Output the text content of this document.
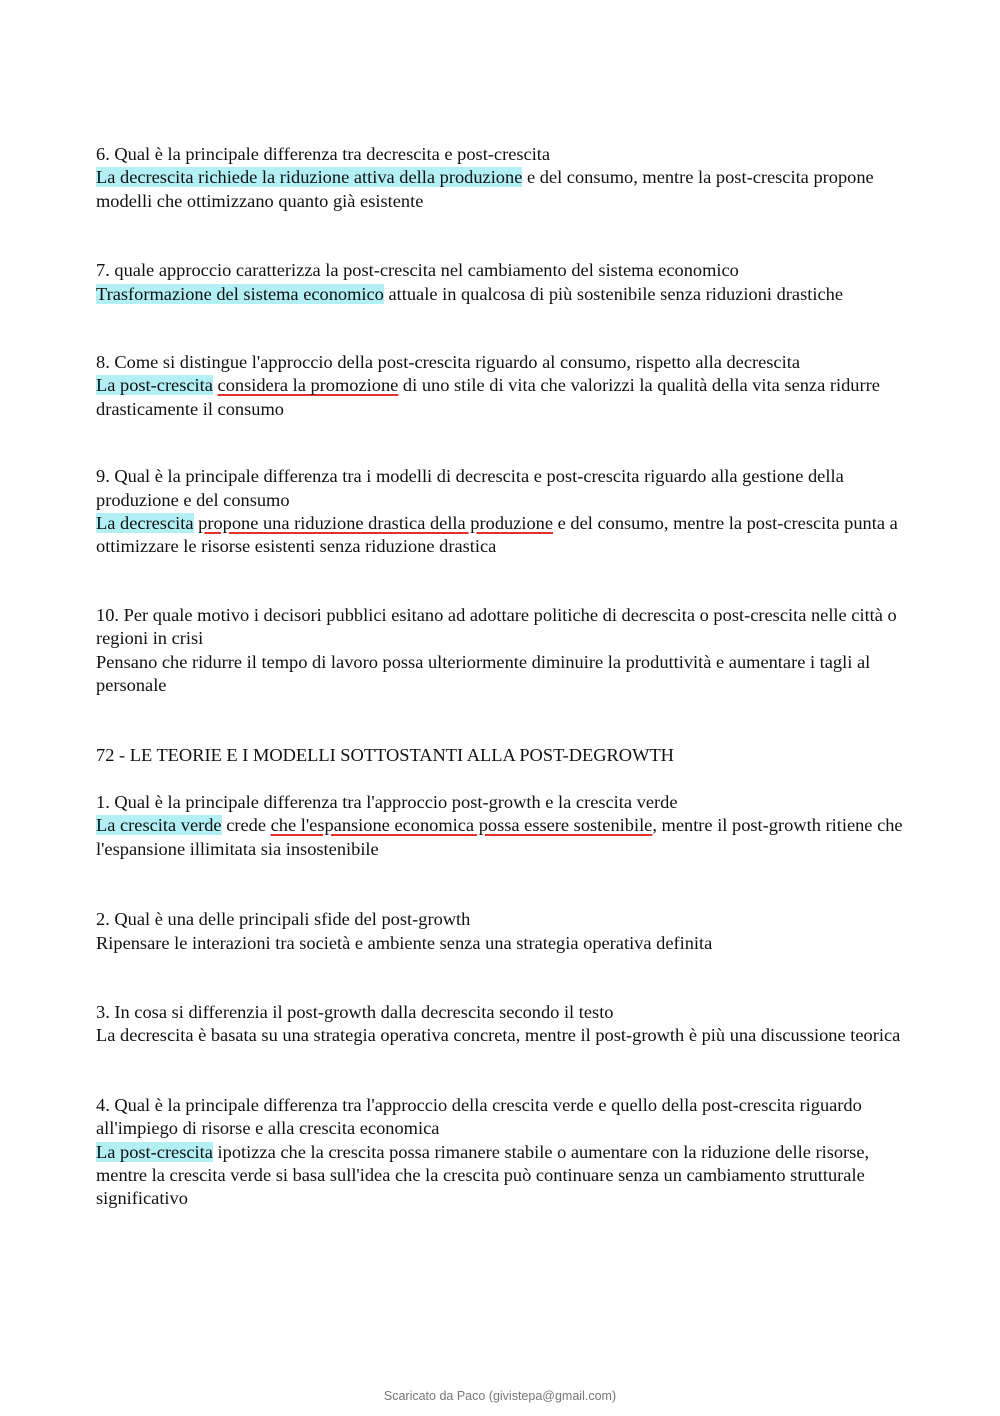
6. Qual è la principale differenza tra decrescita e post-crescita

La decrescita richiede la riduzione attiva della produzione e del consumo, mentre la post-crescita propone modelli che ottimizzano quanto già esistente

7. quale approccio caratterizza la post-crescita nel cambiamento del sistema economico

Trasformazione del sistema economico attuale in qualcosa di più sostenibile senza riduzioni drastiche

8. Come si distingue l'approccio della post-crescita riguardo al consumo, rispetto alla decrescita

La post-crescita considera la promozione di uno stile di vita che valorizzi la qualità della vita senza ridurre drasticamente il consumo

9. Qual è la principale differenza tra i modelli di decrescita e post-crescita riguardo alla gestione della produzione e del consumo

La decrescita propone una riduzione drastica della produzione e del consumo, mentre la post-crescita punta a ottimizzare le risorse esistenti senza riduzione drastica

10. Per quale motivo i decisori pubblici esitano ad adottare politiche di decrescita o post-crescita nelle città o regioni in crisi

Pensano che ridurre il tempo di lavoro possa ulteriormente diminuire la produttività e aumentare i tagli al personale

72 - LE TEORIE E I MODELLI SOTTOSTANTI ALLA POST-DEGROWTH

1. Qual è la principale differenza tra l'approccio post-growth e la crescita verde

La crescita verde crede che l'espansione economica possa essere sostenibile, mentre il post-growth ritiene che l'espansione illimitata sia insostenibile

2. Qual è una delle principali sfide del post-growth

Ripensare le interazioni tra società e ambiente senza una strategia operativa definita

3. In cosa si differenzia il post-growth dalla decrescita secondo il testo

La decrescita è basata su una strategia operativa concreta, mentre il post-growth è più una discussione teorica

4. Qual è la principale differenza tra l'approccio della crescita verde e quello della post-crescita riguardo all'impiego di risorse e alla crescita economica

La post-crescita ipotizza che la crescita possa rimanere stabile o aumentare con la riduzione delle risorse, mentre la crescita verde si basa sull'idea che la crescita può continuare senza un cambiamento strutturale significativo

Scaricato da Paco (givistepa@gmail.com)
